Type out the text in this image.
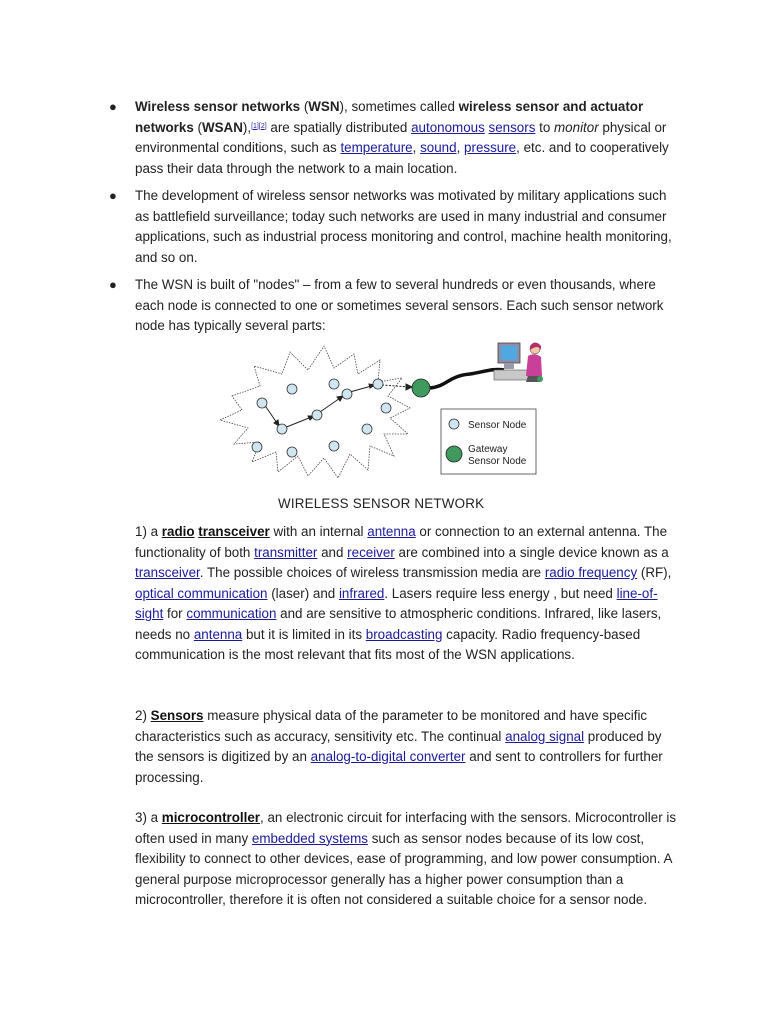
● Wireless sensor networks (WSN), sometimes called wireless sensor and actuator networks (WSAN),[1][2] are spatially distributed autonomous sensors to monitor physical or environmental conditions, such as temperature, sound, pressure, etc. and to cooperatively pass their data through the network to a main location.
● The development of wireless sensor networks was motivated by military applications such as battlefield surveillance; today such networks are used in many industrial and consumer applications, such as industrial process monitoring and control, machine health monitoring, and so on.
● The WSN is built of "nodes" – from a few to several hundreds or even thousands, where each node is connected to one or sometimes several sensors. Each such sensor network node has typically several parts:
Sensor Node
Gateway
Sensor Node
WIRELESS SENSOR NETWORK
1) a radio transceiver with an internal antenna or connection to an external antenna. The functionality of both transmitter and receiver are combined into a single device known as a transceiver. The possible choices of wireless transmission media are radio frequency (RF), optical communication (laser) and infrared. Lasers require less energy , but need line-of-sight for communication and are sensitive to atmospheric conditions. Infrared, like lasers, needs no antenna but it is limited in its broadcasting capacity. Radio frequency-based communication is the most relevant that fits most of the WSN applications.
2) Sensors measure physical data of the parameter to be monitored and have specific characteristics such as accuracy, sensitivity etc. The continual analog signal produced by the sensors is digitized by an analog-to-digital converter and sent to controllers for further processing.
3) a microcontroller, an electronic circuit for interfacing with the sensors. Microcontroller is often used in many embedded systems such as sensor nodes because of its low cost, flexibility to connect to other devices, ease of programming, and low power consumption. A general purpose microprocessor generally has a higher power consumption than a microcontroller, therefore it is often not considered a suitable choice for a sensor node.
